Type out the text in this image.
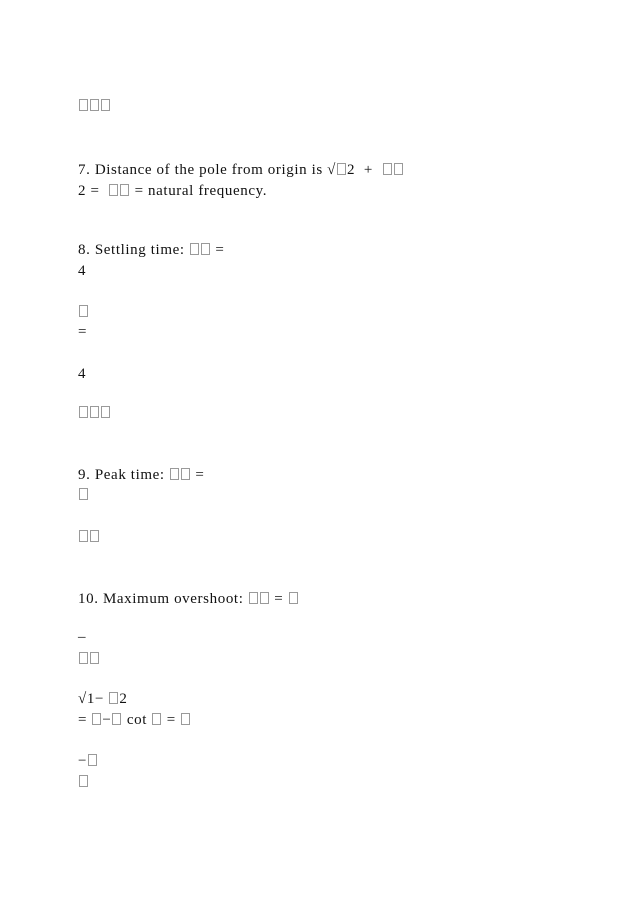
7. Distance of the pole from origin is √ 2 +
2 = = natural frequency.
8. Settling time: =
4
=
4
9. Peak time: =
10. Maximum overshoot: =
–
√1− 2
= − cot =
−
